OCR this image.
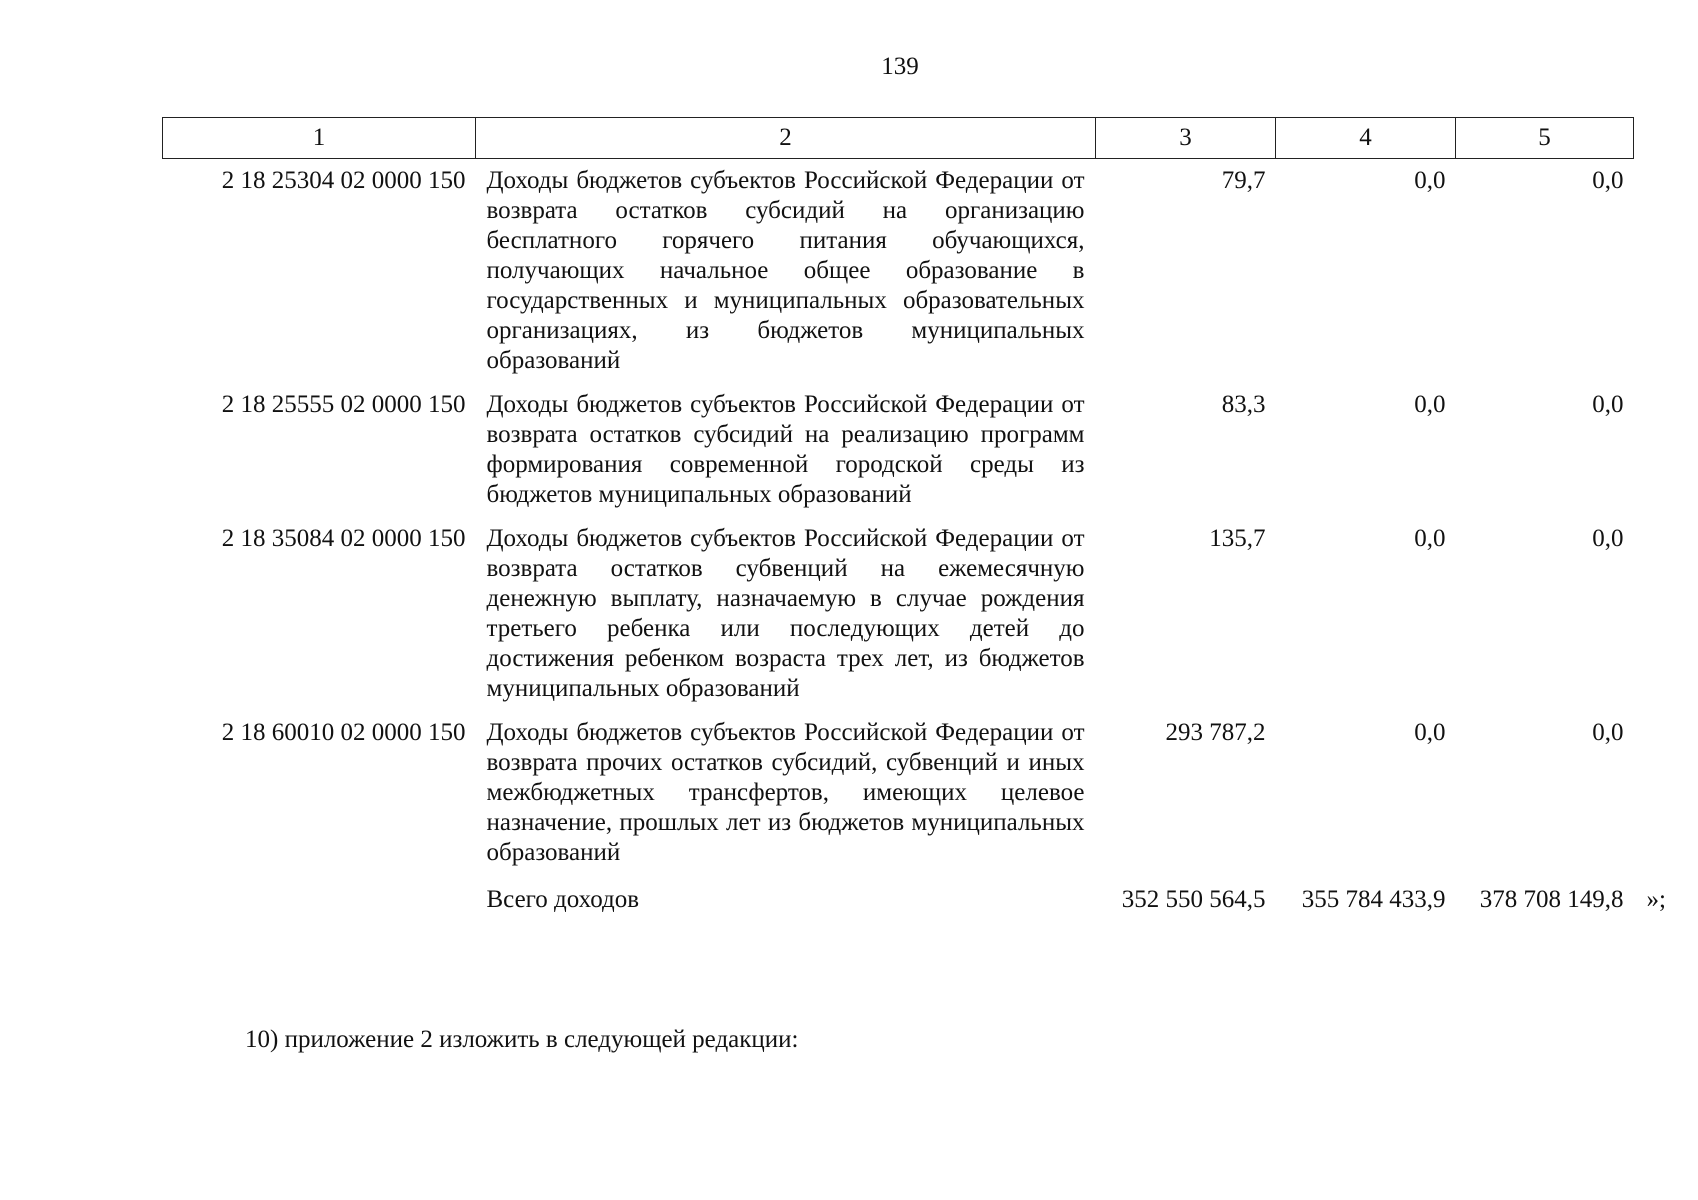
139
1	2	3	4	5
2 18 25304 02 0000 150	Доходы бюджетов субъектов Российской Федерации от возврата остатков субсидий на организацию бесплатного горячего питания обучающихся, получающих начальное общее образование в государственных и муниципальных образовательных организациях, из бюджетов муниципальных образований	79,7	0,0	0,0
2 18 25555 02 0000 150	Доходы бюджетов субъектов Российской Федерации от возврата остатков субсидий на реализацию программ формирования современной городской среды из бюджетов муниципальных образований	83,3	0,0	0,0
2 18 35084 02 0000 150	Доходы бюджетов субъектов Российской Федерации от возврата остатков субвенций на ежемесячную денежную выплату, назначаемую в случае рождения третьего ребенка или последующих детей до достижения ребенком возраста трех лет, из бюджетов муниципальных образований	135,7	0,0	0,0
2 18 60010 02 0000 150	Доходы бюджетов субъектов Российской Федерации от возврата прочих остатков субсидий, субвенций и иных межбюджетных трансфертов, имеющих целевое назначение, прошлых лет из бюджетов муниципальных образований	293 787,2	0,0	0,0
	Всего доходов	352 550 564,5	355 784 433,9	378 708 149,8 »;
10) приложение 2 изложить в следующей редакции:
